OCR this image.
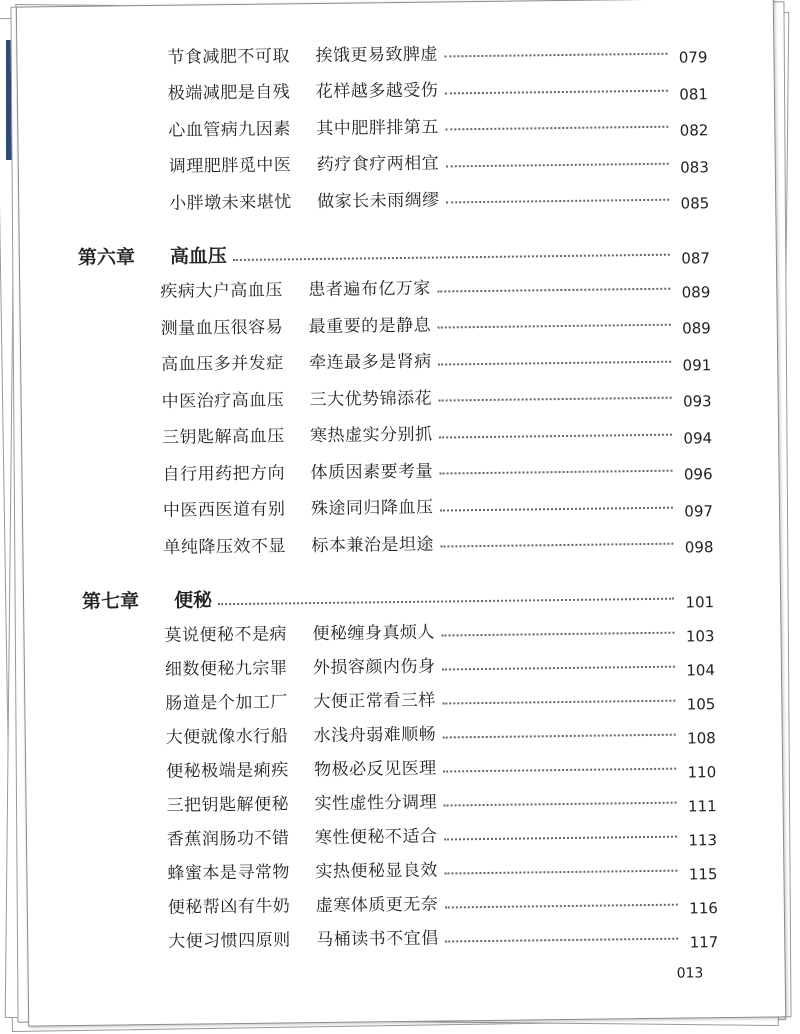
节食减肥不可取	挨饿更易致脾虚	079
极端减肥是自残	花样越多越受伤	081
心血管病九因素	其中肥胖排第五	082
调理肥胖觅中医	药疗食疗两相宜	083
小胖墩未来堪忧	做家长未雨绸缪	085
第六章	高血压	087
疾病大户高血压	患者遍布亿万家	089
测量血压很容易	最重要的是静息	089
高血压多并发症	牵连最多是肾病	091
中医治疗高血压	三大优势锦添花	093
三钥匙解高血压	寒热虚实分别抓	094
自行用药把方向	体质因素要考量	096
中医西医道有别	殊途同归降血压	097
单纯降压效不显	标本兼治是坦途	098
第七章	便秘	101
莫说便秘不是病	便秘缠身真烦人	103
细数便秘九宗罪	外损容颜内伤身	104
肠道是个加工厂	大便正常看三样	105
大便就像水行船	水浅舟弱难顺畅	108
便秘极端是痢疾	物极必反见医理	110
三把钥匙解便秘	实性虚性分调理	111
香蕉润肠功不错	寒性便秘不适合	113
蜂蜜本是寻常物	实热便秘显良效	115
便秘帮凶有牛奶	虚寒体质更无奈	116
大便习惯四原则	马桶读书不宜倡	117
013
